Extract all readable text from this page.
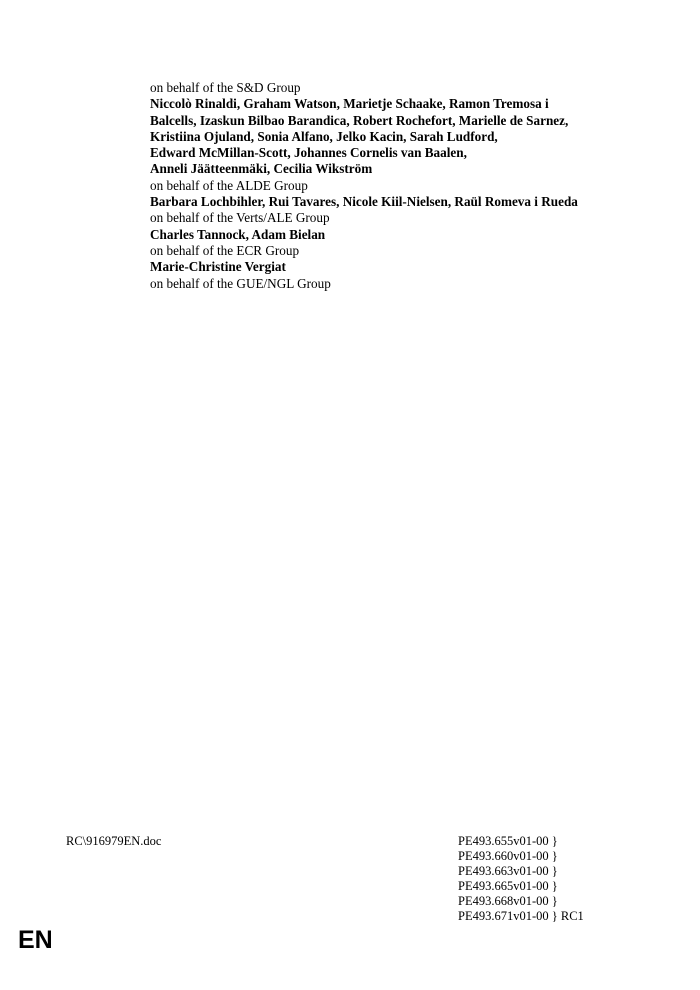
on behalf of the S&D Group
Niccolò Rinaldi, Graham Watson, Marietje Schaake, Ramon Tremosa i
Balcells, Izaskun Bilbao Barandica, Robert Rochefort, Marielle de Sarnez,
Kristiina Ojuland, Sonia Alfano, Jelko Kacin, Sarah Ludford,
Edward McMillan-Scott, Johannes Cornelis van Baalen,
Anneli Jäätteenmäki, Cecilia Wikström
on behalf of the ALDE Group
Barbara Lochbihler, Rui Tavares, Nicole Kiil-Nielsen, Raül Romeva i Rueda
on behalf of the Verts/ALE Group
Charles Tannock, Adam Bielan
on behalf of the ECR Group
Marie-Christine Vergiat
on behalf of the GUE/NGL Group
RC\916979EN.doc	PE493.655v01-00 }
PE493.660v01-00 }
PE493.663v01-00 }
PE493.665v01-00 }
PE493.668v01-00 }
PE493.671v01-00 } RC1
EN
